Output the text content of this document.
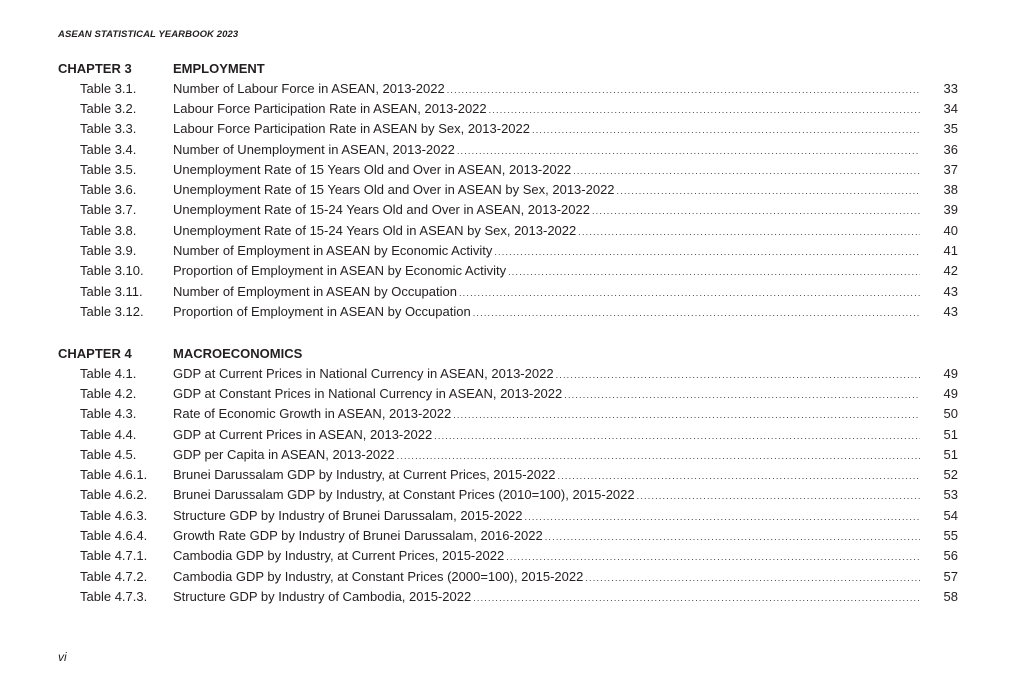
ASEAN STATISTICAL YEARBOOK 2023
CHAPTER 3	EMPLOYMENT
Table 3.1.	Number of Labour Force in ASEAN, 2013-2022 .....	33
Table 3.2.	Labour Force Participation Rate in ASEAN, 2013-2022 .....	34
Table 3.3.	Labour Force Participation Rate in ASEAN by Sex, 2013-2022 .....	35
Table 3.4.	Number of Unemployment in ASEAN, 2013-2022 .....	36
Table 3.5.	Unemployment Rate of 15 Years Old and Over in ASEAN, 2013-2022 .....	37
Table 3.6.	Unemployment Rate of 15 Years Old and Over in ASEAN by Sex, 2013-2022 .....	38
Table 3.7.	Unemployment Rate of 15-24 Years Old and Over in ASEAN, 2013-2022 .....	39
Table 3.8.	Unemployment Rate of 15-24 Years Old in ASEAN by Sex, 2013-2022 .....	40
Table 3.9.	Number of Employment in ASEAN by Economic Activity .....	41
Table 3.10.	Proportion of Employment in ASEAN by Economic Activity .....	42
Table 3.11.	Number of Employment in ASEAN by Occupation .....	43
Table 3.12.	Proportion of Employment in ASEAN by Occupation .....	43
CHAPTER 4	MACROECONOMICS
Table 4.1.	GDP at Current Prices in National Currency in ASEAN, 2013-2022 .....	49
Table 4.2.	GDP at Constant Prices in National Currency in ASEAN, 2013-2022 .....	49
Table 4.3.	Rate of Economic Growth in ASEAN, 2013-2022 .....	50
Table 4.4.	GDP at Current Prices in ASEAN, 2013-2022 .....	51
Table 4.5.	GDP per Capita in ASEAN, 2013-2022 .....	51
Table 4.6.1.	Brunei Darussalam GDP by Industry, at Current Prices, 2015-2022 .....	52
Table 4.6.2.	Brunei Darussalam GDP by Industry, at Constant Prices (2010=100), 2015-2022 .....	53
Table 4.6.3.	Structure GDP by Industry of Brunei Darussalam, 2015-2022 .....	54
Table 4.6.4.	Growth Rate GDP by Industry of Brunei Darussalam, 2016-2022 .....	55
Table 4.7.1.	Cambodia GDP by Industry, at Current Prices, 2015-2022 .....	56
Table 4.7.2.	Cambodia GDP by Industry, at Constant Prices (2000=100), 2015-2022 .....	57
Table 4.7.3.	Structure GDP by Industry of Cambodia, 2015-2022 .....	58
vi
